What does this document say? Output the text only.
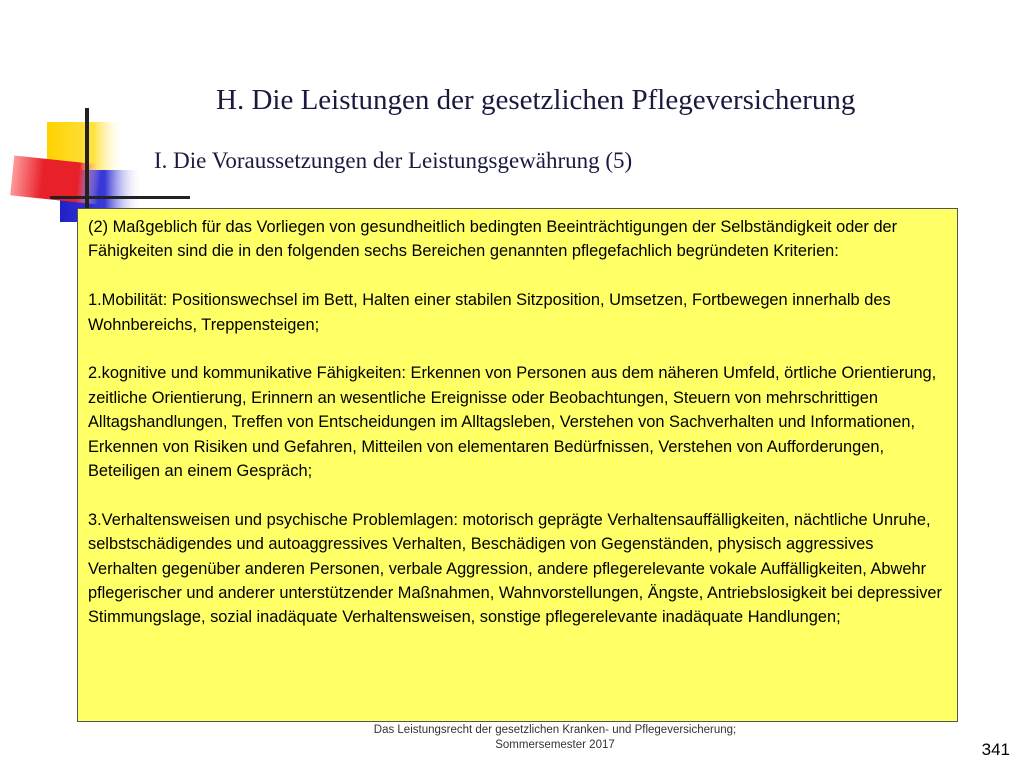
H. Die Leistungen der gesetzlichen Pflegeversicherung
I. Die Voraussetzungen der Leistungsgewährung (5)

(2) Maßgeblich für das Vorliegen von gesundheitlich bedingten Beeinträchtigungen der Selbständigkeit oder der Fähigkeiten sind die in den folgenden sechs Bereichen genannten pflegefachlich begründeten Kriterien:

1.Mobilität: Positionswechsel im Bett, Halten einer stabilen Sitzposition, Umsetzen, Fortbewegen innerhalb des Wohnbereichs, Treppensteigen;

2.kognitive und kommunikative Fähigkeiten: Erkennen von Personen aus dem näheren Umfeld, örtliche Orientierung, zeitliche Orientierung, Erinnern an wesentliche Ereignisse oder Beobachtungen, Steuern von mehrschrittigen Alltagshandlungen, Treffen von Entscheidungen im Alltagsleben, Verstehen von Sachverhalten und Informationen, Erkennen von Risiken und Gefahren, Mitteilen von elementaren Bedürfnissen, Verstehen von Aufforderungen, Beteiligen an einem Gespräch;

3.Verhaltensweisen und psychische Problemlagen: motorisch geprägte Verhaltensauffälligkeiten, nächtliche Unruhe, selbstschädigendes und autoaggressives Verhalten, Beschädigen von Gegenständen, physisch aggressives Verhalten gegenüber anderen Personen, verbale Aggression, andere pflegerelevante vokale Auffälligkeiten, Abwehr pflegerischer und anderer unterstützender Maßnahmen, Wahnvorstellungen, Ängste, Antriebslosigkeit bei depressiver Stimmungslage, sozial inadäquate Verhaltensweisen, sonstige pflegerelevante inadäquate Handlungen;

Das Leistungsrecht der gesetzlichen Kranken- und Pflegeversicherung;
Sommersemester 2017	341
